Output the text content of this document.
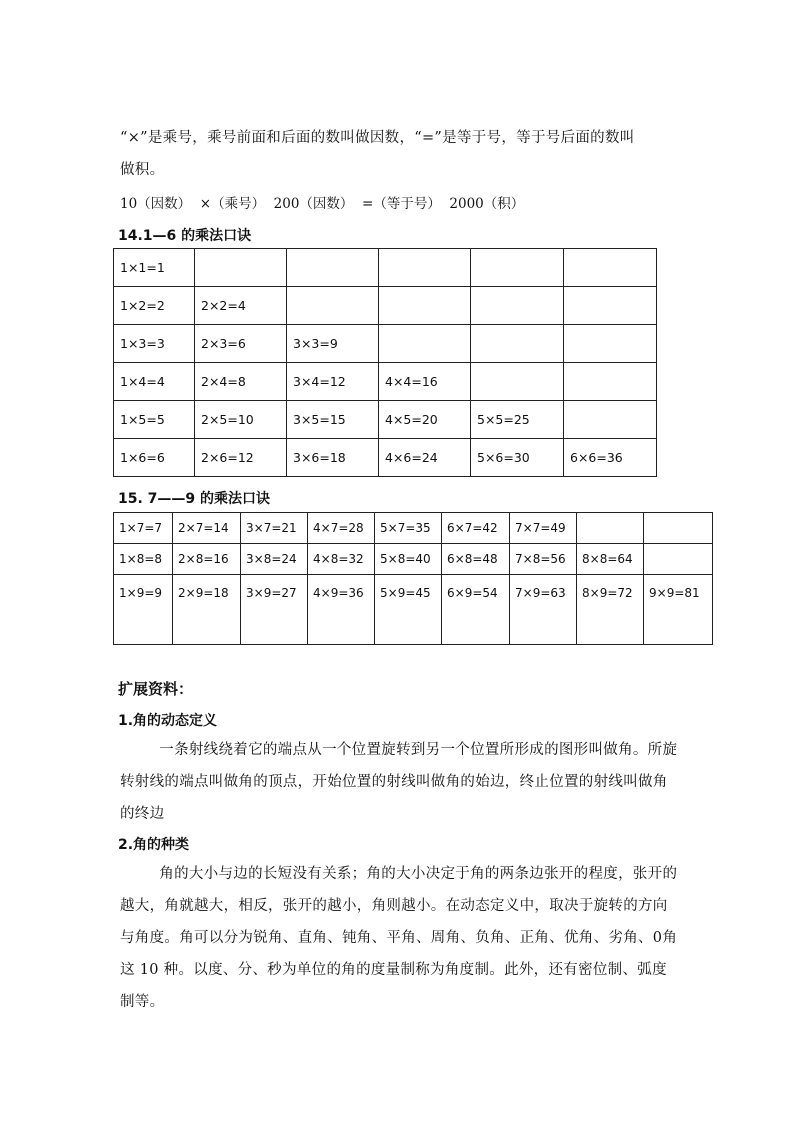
“×”是乘号，乘号前面和后面的数叫做因数，“=”是等于号，等于号后面的数叫
做积。
10（因数）  ×（乘号）  200（因数）  =（等于号）  2000（积）
14.1—6 的乘法口诀
1×1=1					
1×2=2	2×2=4				
1×3=3	2×3=6	3×3=9			
1×4=4	2×4=8	3×4=12	4×4=16		
1×5=5	2×5=10	3×5=15	4×5=20	5×5=25	
1×6=6	2×6=12	3×6=18	4×6=24	5×6=30	6×6=36
15. 7——9 的乘法口诀
1×7=7	2×7=14	3×7=21	4×7=28	5×7=35	6×7=42	7×7=49		
1×8=8	2×8=16	3×8=24	4×8=32	5×8=40	6×8=48	7×8=56	8×8=64	
1×9=9	2×9=18	3×9=27	4×9=36	5×9=45	6×9=54	7×9=63	8×9=72	9×9=81
扩展资料：
1.角的动态定义
一条射线绕着它的端点从一个位置旋转到另一个位置所形成的图形叫做角。所旋转射线的端点叫做角的顶点，开始位置的射线叫做角的始边，终止位置的射线叫做角的终边
2.角的种类
角的大小与边的长短没有关系；角的大小决定于角的两条边张开的程度，张开的越大，角就越大，相反，张开的越小，角则越小。在动态定义中，取决于旋转的方向与角度。角可以分为锐角、直角、钝角、平角、周角、负角、正角、优角、劣角、0角这 10 种。以度、分、秒为单位的角的度量制称为角度制。此外，还有密位制、弧度制等。
